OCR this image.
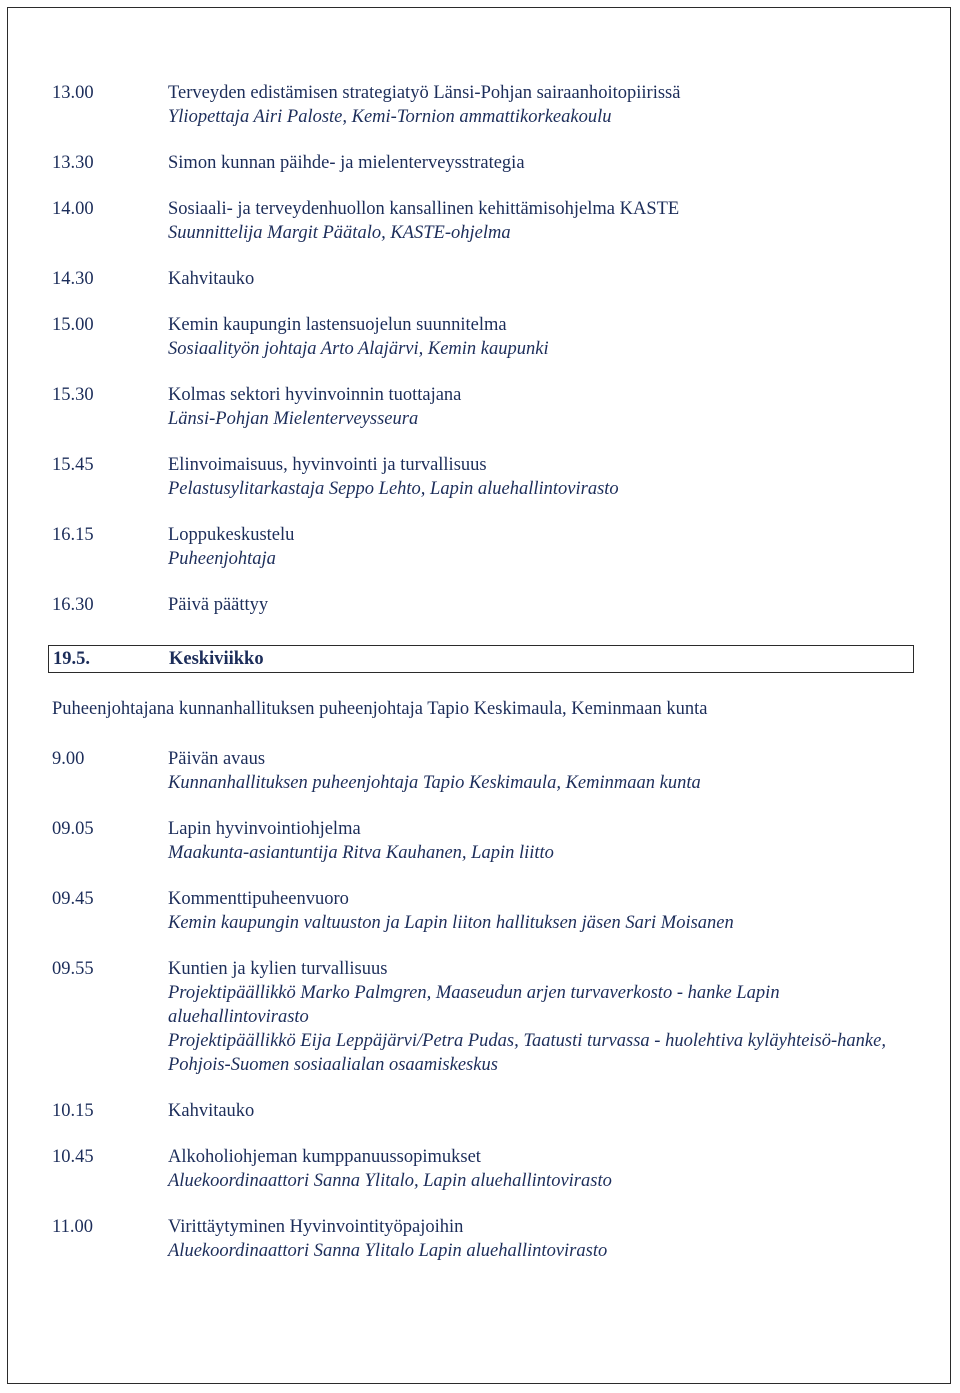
13.00	Terveyden edistämisen strategiatyö Länsi-Pohjan sairaanhoitopiirissä
Yliopettaja Airi Paloste, Kemi-Tornion ammattikorkeakoulu
13.30	Simon kunnan päihde- ja mielenterveysstrategia
14.00	Sosiaali- ja terveydenhuollon kansallinen kehittämisohjelma KASTE
Suunnittelija Margit Päätalo, KASTE-ohjelma
14.30	Kahvitauko
15.00	Kemin kaupungin lastensuojelun suunnitelma
Sosiaalityön johtaja Arto Alajärvi, Kemin kaupunki
15.30	Kolmas sektori hyvinvoinnin tuottajana
Länsi-Pohjan Mielenterveysseura
15.45	Elinvoimaisuus, hyvinvointi ja turvallisuus
Pelastusylitarkastaja Seppo Lehto, Lapin aluehallintovirasto
16.15	Loppukeskustelu
Puheenjohtaja
16.30	Päivä päättyy
19.5.	Keskiviikko
Puheenjohtajana kunnanhallituksen puheenjohtaja Tapio Keskimaula, Keminmaan kunta
9.00	Päivän avaus
Kunnanhallituksen puheenjohtaja Tapio Keskimaula, Keminmaan kunta
09.05	Lapin hyvinvointiohjelma
Maakunta-asiantuntija Ritva Kauhanen, Lapin liitto
09.45	Kommenttipuheenvuoro
Kemin kaupungin valtuuston ja Lapin liiton hallituksen jäsen Sari Moisanen
09.55	Kuntien ja kylien turvallisuus
Projektipäällikkö Marko Palmgren, Maaseudun arjen turvaverkosto - hanke Lapin aluehallintovirasto
Projektipäällikkö Eija Leppäjärvi/Petra Pudas, Taatusti turvassa - huolehtiva kyläyhteisö-hanke,
Pohjois-Suomen sosiaalialan osaamiskeskus
10.15	Kahvitauko
10.45	Alkoholiohjeman kumppanuussopimukset
Aluekoordinaattori Sanna Ylitalo, Lapin aluehallintovirasto
11.00	Virittäytyminen Hyvinvointityöpajoihin
Aluekoordinaattori Sanna Ylitalo Lapin aluehallintovirasto
